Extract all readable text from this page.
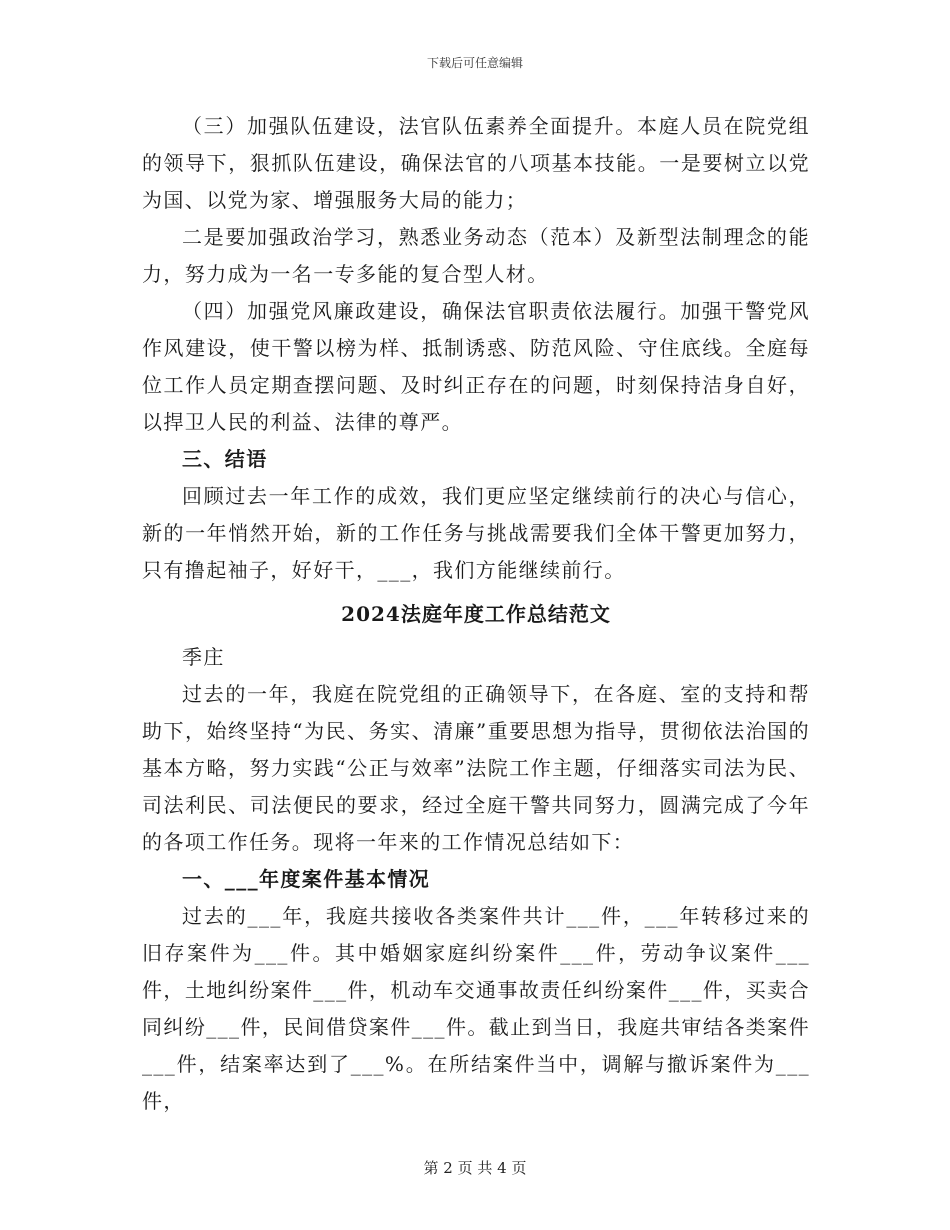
下载后可任意编辑

（三）加强队伍建设，法官队伍素养全面提升。本庭人员在院党组的领导下，狠抓队伍建设，确保法官的八项基本技能。一是要树立以党为国、以党为家、增强服务大局的能力；

二是要加强政治学习，熟悉业务动态（范本）及新型法制理念的能力，努力成为一名一专多能的复合型人材。

（四）加强党风廉政建设，确保法官职责依法履行。加强干警党风作风建设，使干警以榜为样、抵制诱惑、防范风险、守住底线。全庭每位工作人员定期查摆问题、及时纠正存在的问题，时刻保持洁身自好，以捍卫人民的利益、法律的尊严。

三、结语

回顾过去一年工作的成效，我们更应坚定继续前行的决心与信心，新的一年悄然开始，新的工作任务与挑战需要我们全体干警更加努力，只有撸起袖子，好好干，___，我们方能继续前行。

2024法庭年度工作总结范文

季庄

过去的一年，我庭在院党组的正确领导下，在各庭、室的支持和帮助下，始终坚持“为民、务实、清廉”重要思想为指导，贯彻依法治国的基本方略，努力实践“公正与效率”法院工作主题，仔细落实司法为民、司法利民、司法便民的要求，经过全庭干警共同努力，圆满完成了今年的各项工作任务。现将一年来的工作情况总结如下：

一、___年度案件基本情况

过去的___年，我庭共接收各类案件共计___件，___年转移过来的旧存案件为___件。其中婚姻家庭纠纷案件___件，劳动争议案件___件，土地纠纷案件___件，机动车交通事故责任纠纷案件___件，买卖合同纠纷___件，民间借贷案件___件。截止到当日，我庭共审结各类案件___件，结案率达到了___%。在所结案件当中，调解与撤诉案件为___件，

第 2 页 共 4 页
